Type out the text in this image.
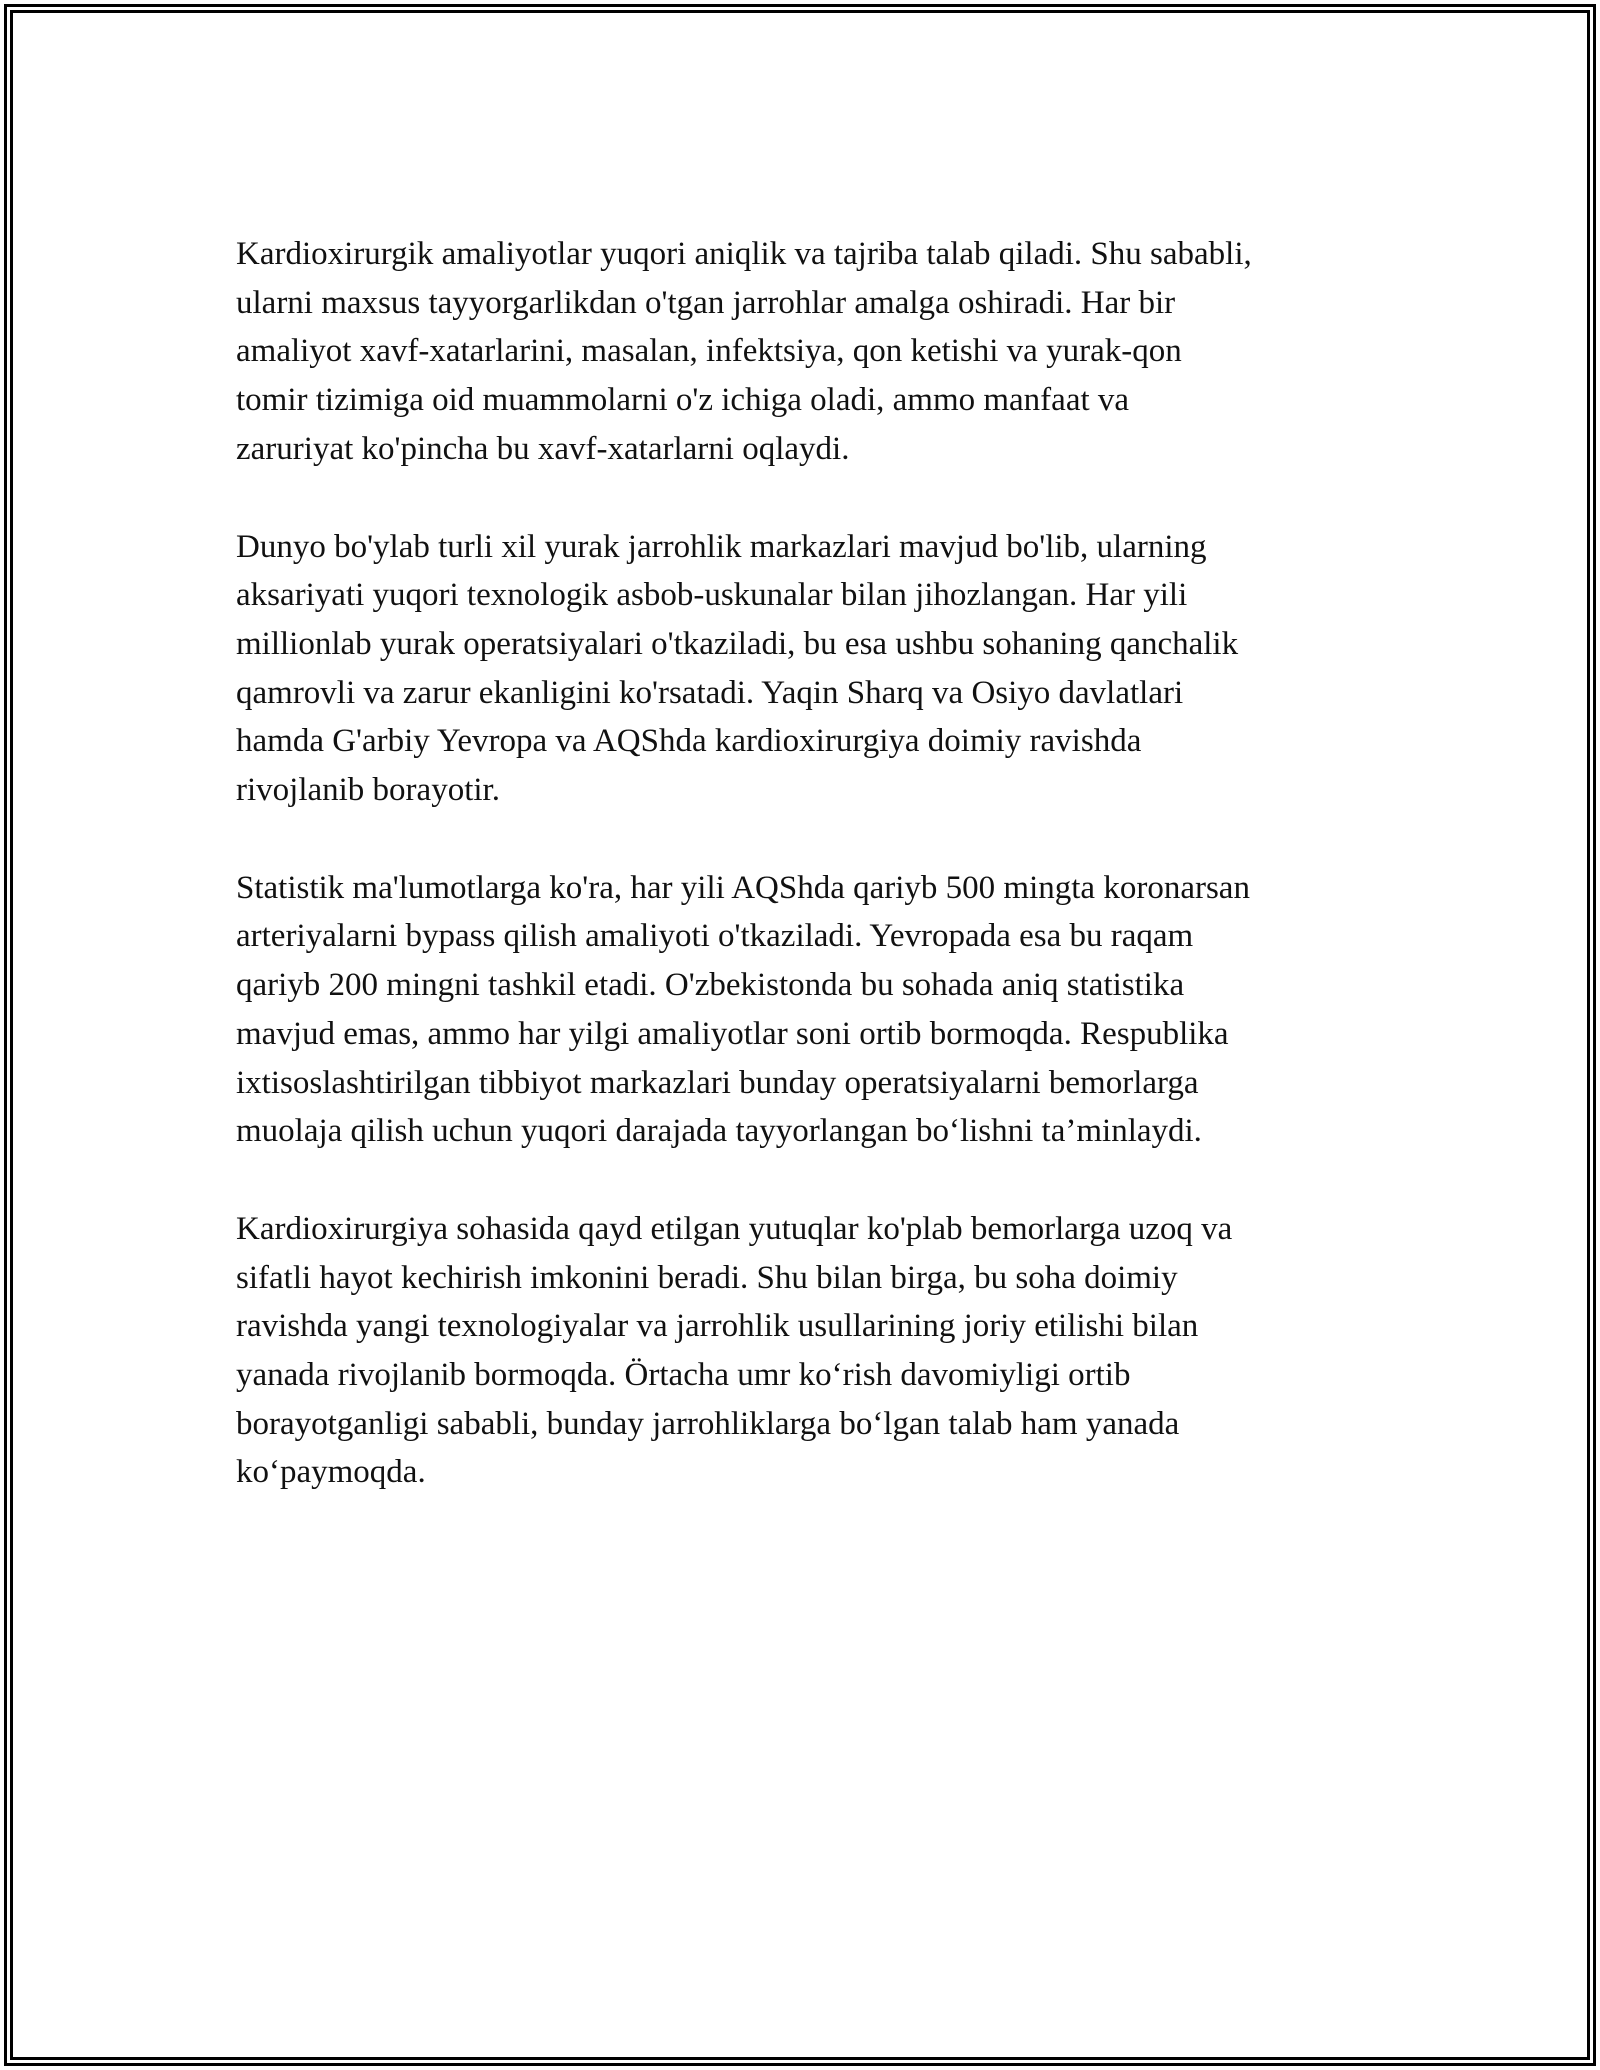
Kardioxirurgik amaliyotlar yuqori aniqlik va tajriba talab qiladi. Shu sababli,
ularni maxsus tayyorgarlikdan o'tgan jarrohlar amalga oshiradi. Har bir
amaliyot xavf-xatarlarini, masalan, infektsiya, qon ketishi va yurak-qon
tomir tizimiga oid muammolarni o'z ichiga oladi, ammo manfaat va
zaruriyat ko'pincha bu xavf-xatarlarni oqlaydi.

Dunyo bo'ylab turli xil yurak jarrohlik markazlari mavjud bo'lib, ularning
aksariyati yuqori texnologik asbob-uskunalar bilan jihozlangan. Har yili
millionlab yurak operatsiyalari o'tkaziladi, bu esa ushbu sohaning qanchalik
qamrovli va zarur ekanligini ko'rsatadi. Yaqin Sharq va Osiyo davlatlari
hamda G'arbiy Yevropa va AQShda kardioxirurgiya doimiy ravishda
rivojlanib borayotir.

Statistik ma'lumotlarga ko'ra, har yili AQShda qariyb 500 mingta koronarsan
arteriyalarni bypass qilish amaliyoti o'tkaziladi. Yevropada esa bu raqam
qariyb 200 mingni tashkil etadi. O'zbekistonda bu sohada aniq statistika
mavjud emas, ammo har yilgi amaliyotlar soni ortib bormoqda. Respublika
ixtisoslashtirilgan tibbiyot markazlari bunday operatsiyalarni bemorlarga
muolaja qilish uchun yuqori darajada tayyorlangan bo‘lishni ta’minlaydi.

Kardioxirurgiya sohasida qayd etilgan yutuqlar ko'plab bemorlarga uzoq va
sifatli hayot kechirish imkonini beradi. Shu bilan birga, bu soha doimiy
ravishda yangi texnologiyalar va jarrohlik usullarining joriy etilishi bilan
yanada rivojlanib bormoqda. Örtacha umr ko‘rish davomiyligi ortib
borayotganligi sababli, bunday jarrohliklarga bo‘lgan talab ham yanada
ko‘paymoqda.
